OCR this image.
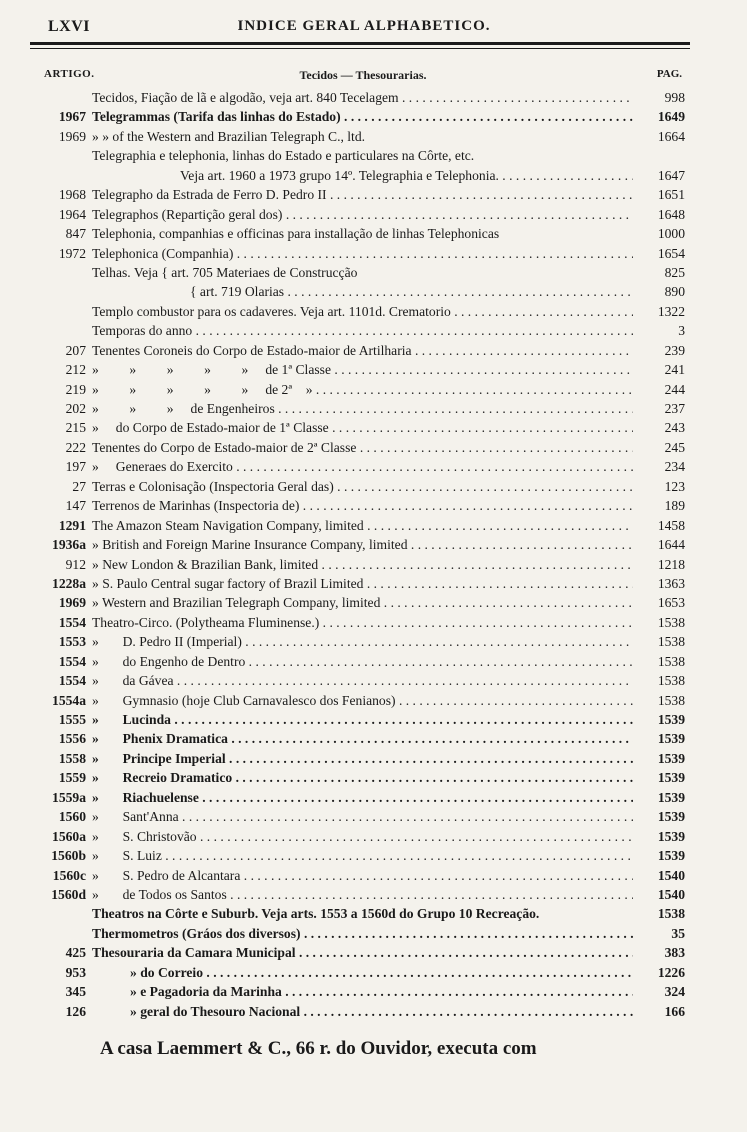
LXVI	INDICE GERAL ALPHABETICO.
ARTIGO.	Tecidos — Thesourarias.	PAG.
Tecidos, Fiação de lã e algodão, veja art. 840 Tecelagem . . .	998
1967 Telegrammas (Tarifa das linhas do Estado) . . .	1649
1969 » » of the Western and Brazilian Telegraph C., ltd.	1664
Telegraphia e telephonia, linhas do Estado e particulares na Côrte, etc.
Veja art. 1960 a 1973 grupo 14º. Telegraphia e Telephonia. . . .	1647
1968 Telegrapho da Estrada de Ferro D. Pedro II . . .	1651
1964 Telegraphos (Repartição geral dos) . . .	1648
847 Telephonia, companhias e officinas para installação de linhas Telephonicas	1000
1972 Telephonica (Companhia) . . .	1654
Telhas. Veja { art. 705 Materiaes de Construcção	825
{ art. 719 Olarias . . .	890
Templo combustor para os cadaveres. Veja art. 1101d. Crematorio . . .	1322
Temporas do anno . . .	3
207 Tenentes Coroneis do Corpo de Estado-maior de Artilharia . . .	239
212 »         »         »         »         »     de 1ª Classe . . .	241
219 »         »         »         »         »     de 2ª    » . . .	244
202 »         »         »     de Engenheiros . . .	237
215 »     do Corpo de Estado-maior de 1ª Classe . . .	243
222 Tenentes do Corpo de Estado-maior de 2ª Classe . . .	245
197 »     Generaes do Exercito . . .	234
27 Terras e Colonisação (Inspectoria Geral das) . . .	123
147 Terrenos de Marinhas (Inspectoria de) . . .	189
1291 The Amazon Steam Navigation Company, limited . . .	1458
1936a » British and Foreign Marine Insurance Company, limited . . .	1644
912 » New London & Brazilian Bank, limited . . .	1218
1228a » S. Paulo Central sugar factory of Brazil Limited . . .	1363
1969 » Western and Brazilian Telegraph Company, limited . . .	1653
1554 Theatro-Circo. (Polytheama Fluminense.) . . .	1538
1553 »       D. Pedro II (Imperial) . . .	1538
1554 »       do Engenho de Dentro . . .	1538
1554 »       da Gávea . . .	1538
1554a »       Gymnasio (hoje Club Carnavalesco dos Fenianos) . . .	1538
1555 »       Lucinda . . .	1539
1556 »       Phenix Dramatica . . .	1539
1558 »       Principe Imperial . . .	1539
1559 »       Recreio Dramatico . . .	1539
1559a »       Riachuelense . . .	1539
1560 »       Sant'Anna . . .	1539
1560a »       S. Christovão . . .	1539
1560b »       S. Luiz . . .	1539
1560c »       S. Pedro de Alcantara . . .	1540
1560d »       de Todos os Santos . . .	1540
Theatros na Côrte e Suburb. Veja arts. 1553 a 1560d do Grupo 10 Recreação.	1538
Thermometros (Gráos dos diversos) . . .	35
425 Thesouraria da Camara Municipal . . .	383
953	» do Correio . . .	1226
345	» e Pagadoria da Marinha . . .	324
126	» geral do Thesouro Nacional . . .	166
A casa Laemmert & C., 66 r. do Ouvidor, executa com
